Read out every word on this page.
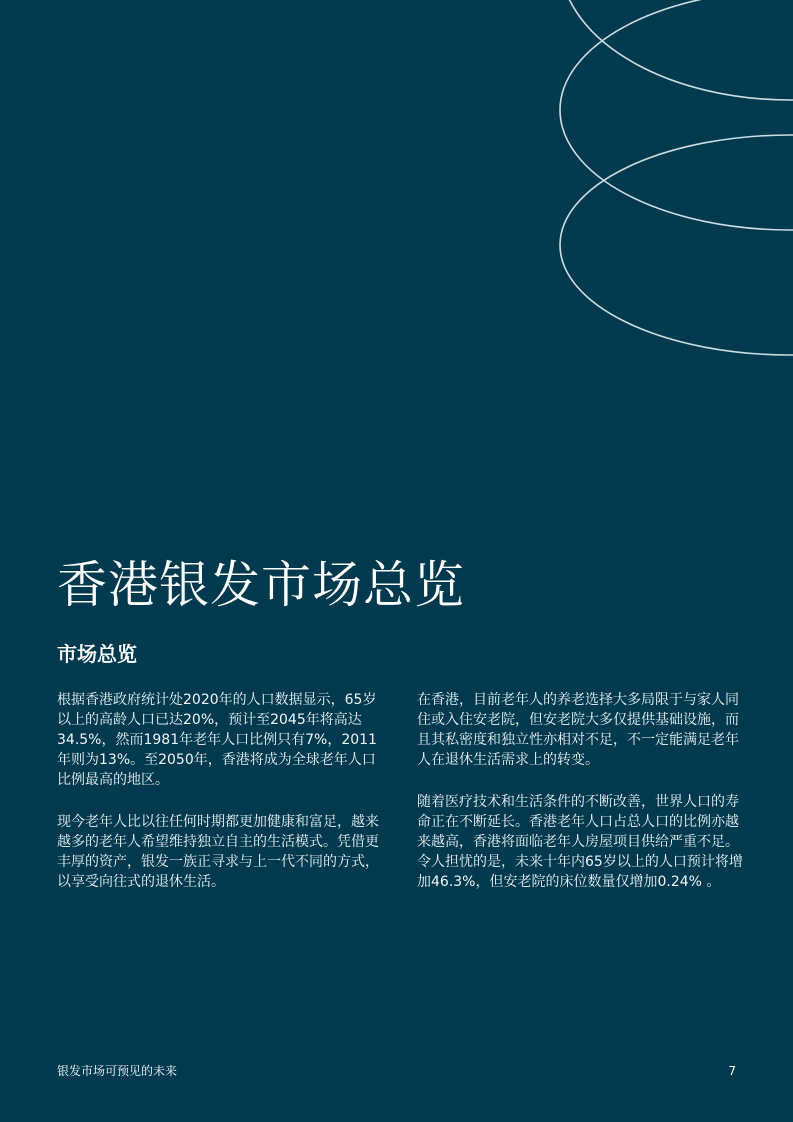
香港银发市场总览
市场总览

根据香港政府统计处2020年的人口数据显示，65岁以上的高龄人口已达20%，预计至2045年将高达34.5%，然而1981年老年人口比例只有7%，2011年则为13%。至2050年，香港将成为全球老年人口比例最高的地区。

现今老年人比以往任何时期都更加健康和富足，越来越多的老年人希望维持独立自主的生活模式。凭借更丰厚的资产，银发一族正寻求与上一代不同的方式，以享受向往式的退休生活。

在香港，目前老年人的养老选择大多局限于与家人同住或入住安老院，但安老院大多仅提供基础设施，而且其私密度和独立性亦相对不足，不一定能满足老年人在退休生活需求上的转变。

随着医疗技术和生活条件的不断改善，世界人口的寿命正在不断延长。香港老年人口占总人口的比例亦越来越高，香港将面临老年人房屋项目供给严重不足。令人担忧的是，未来十年内65岁以上的人口预计将增加46.3%，但安老院的床位数量仅增加0.24% 。

银发市场可预见的未来	7
